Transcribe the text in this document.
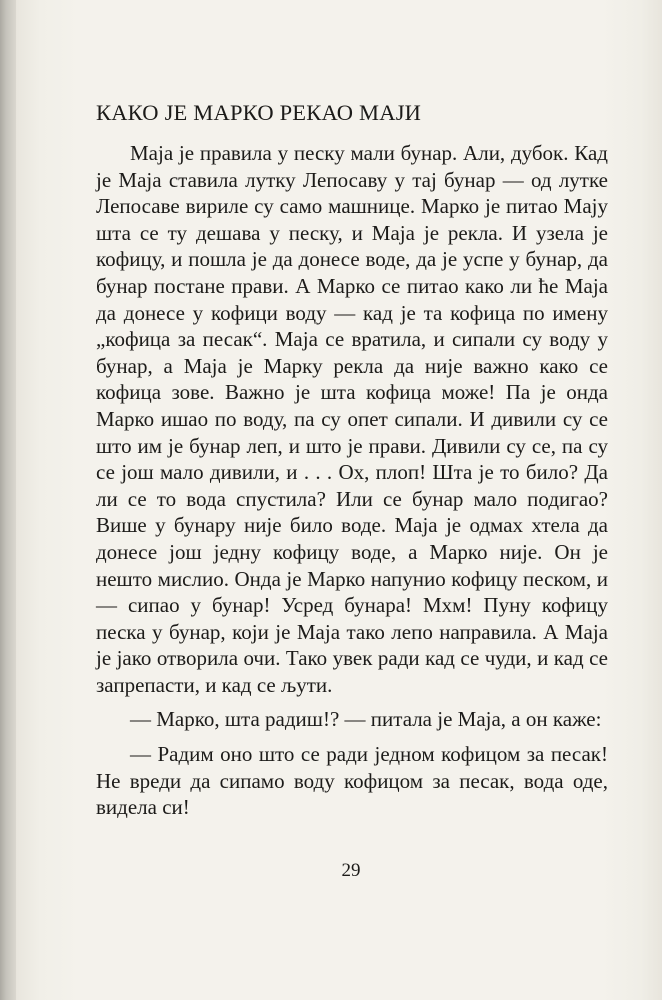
КАКО ЈЕ МАРКО РЕКАО МАЈИ

Маја је правила у песку мали бунар. Али, дубок. Кад је Маја ставила лутку Лепосаву у тај бунар — од лутке Лепосаве вириле су само машнице. Марко је питао Мају шта се ту дешава у песку, и Маја је рекла. И узела је кофицу, и пошла је да донесе воде, да је успе у бунар, да бунар постане прави. А Марко се питао како ли ће Маја да донесе у кофици воду — кад је та кофица по имену „кофица за песак“. Маја се вратила, и сипали су воду у бунар, а Маја је Марку рекла да није важно како се кофица зове. Важно је шта кофица може! Па је онда Марко ишао по воду, па су опет сипали. И дивили су се што им је бунар леп, и што је прави. Дивили су се, па су се још мало дивили, и . . . Ох, плоп! Шта је то било? Да ли се то вода спустила? Или се бунар мало подигао? Више у бунару није било воде. Маја је одмах хтела да донесе још једну кофицу воде, а Марко није. Он је нешто мислио. Онда је Марко напунио кофицу песком, и — сипао у бунар! Усред бунара! Мхм! Пуну кофицу песка у бунар, који је Маја тако лепо направила. А Маја је јако отворила очи. Тако увек ради кад се чуди, и кад се запрепасти, и кад се љути.

— Марко, шта радиш!? — питала је Маја, а он каже:

— Радим оно што се ради једном кофицом за песак! Не вреди да сипамо воду кофицом за песак, вода оде, видела си!

29
